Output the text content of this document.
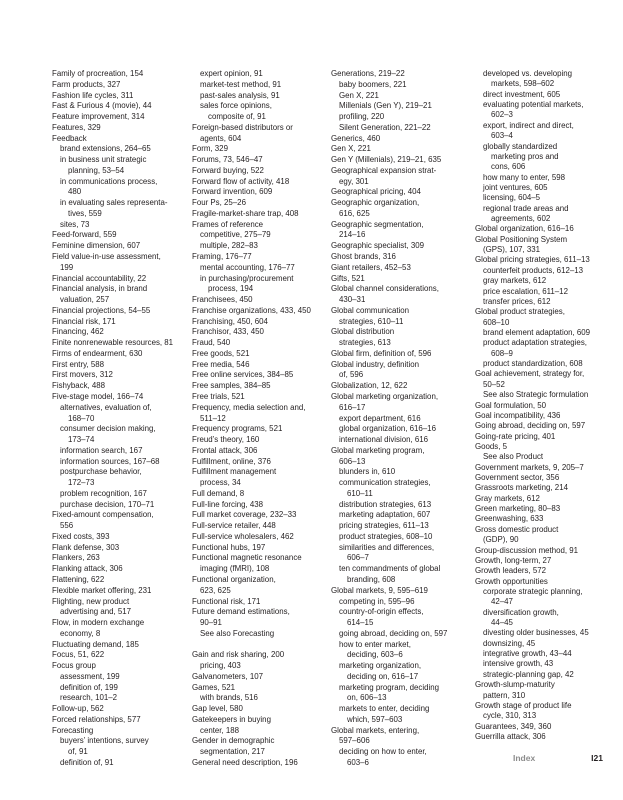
Family of procreation, 154
Farm products, 327
Fashion life cycles, 311
Fast & Furious 4 (movie), 44
Feature improvement, 314
Features, 329
Feedback
brand extensions, 264–65
in business unit strategic
planning, 53–54
in communications process,
480
in evaluating sales representa-
tives, 559
sites, 73
Feed-forward, 559
Feminine dimension, 607
Field value-in-use assessment,
199
Financial accountability, 22
Financial analysis, in brand
valuation, 257
Financial projections, 54–55
Financial risk, 171
Financing, 462
Finite nonrenewable resources, 81
Firms of endearment, 630
First entry, 588
First movers, 312
Fishyback, 488
Five-stage model, 166–74
alternatives, evaluation of,
168–70
consumer decision making,
173–74
information search, 167
information sources, 167–68
postpurchase behavior,
172–73
problem recognition, 167
purchase decision, 170–71
Fixed-amount compensation,
556
Fixed costs, 393
Flank defense, 303
Flankers, 263
Flanking attack, 306
Flattening, 622
Flexible market offering, 231
Flighting, new product
advertising and, 517
Flow, in modern exchange
economy, 8
Fluctuating demand, 185
Focus, 51, 622
Focus group
assessment, 199
definition of, 199
research, 101–2
Follow-up, 562
Forced relationships, 577
Forecasting
buyers’ intentions, survey
of, 91
definition of, 91
expert opinion, 91
market-test method, 91
past-sales analysis, 91
sales force opinions,
composite of, 91
Foreign-based distributors or
agents, 604
Form, 329
Forums, 73, 546–47
Forward buying, 522
Forward flow of activity, 418
Forward invention, 609
Four Ps, 25–26
Fragile-market-share trap, 408
Frames of reference
competitive, 275–79
multiple, 282–83
Framing, 176–77
mental accounting, 176–77
in purchasing/procurement
process, 194
Franchisees, 450
Franchise organizations, 433, 450
Franchising, 450, 604
Franchisor, 433, 450
Fraud, 540
Free goods, 521
Free media, 546
Free online services, 384–85
Free samples, 384–85
Free trials, 521
Frequency, media selection and,
511–12
Frequency programs, 521
Freud’s theory, 160
Frontal attack, 306
Fulfillment, online, 376
Fulfillment management
process, 34
Full demand, 8
Full-line forcing, 438
Full market coverage, 232–33
Full-service retailer, 448
Full-service wholesalers, 462
Functional hubs, 197
Functional magnetic resonance
imaging (fMRI), 108
Functional organization,
623, 625
Functional risk, 171
Future demand estimations,
90–91
See also Forecasting
Gain and risk sharing, 200
pricing, 403
Galvanometers, 107
Games, 521
with brands, 516
Gap level, 580
Gatekeepers in buying
center, 188
Gender in demographic
segmentation, 217
General need description, 196
Generations, 219–22
baby boomers, 221
Gen X, 221
Millenials (Gen Y), 219–21
profiling, 220
Silent Generation, 221–22
Generics, 460
Gen X, 221
Gen Y (Millenials), 219–21, 635
Geographical expansion strat-
egy, 301
Geographical pricing, 404
Geographic organization,
616, 625
Geographic segmentation,
214–16
Geographic specialist, 309
Ghost brands, 316
Giant retailers, 452–53
Gifts, 521
Global channel considerations,
430–31
Global communication
strategies, 610–11
Global distribution
strategies, 613
Global firm, definition of, 596
Global industry, definition
of, 596
Globalization, 12, 622
Global marketing organization,
616–17
export department, 616
global organization, 616–16
international division, 616
Global marketing program,
606–13
blunders in, 610
communication strategies,
610–11
distribution strategies, 613
marketing adaptation, 607
pricing strategies, 611–13
product strategies, 608–10
similarities and differences,
606–7
ten commandments of global
branding, 608
Global markets, 9, 595–619
competing in, 595–96
country-of-origin effects,
614–15
going abroad, deciding on, 597
how to enter market,
deciding, 603–6
marketing organization,
deciding on, 616–17
marketing program, deciding
on, 606–13
markets to enter, deciding
which, 597–603
Global markets, entering,
597–606
deciding on how to enter,
603–6
developed vs. developing
markets, 598–602
direct investment, 605
evaluating potential markets,
602–3
export, indirect and direct,
603–4
globally standardized
marketing pros and
cons, 606
how many to enter, 598
joint ventures, 605
licensing, 604–5
regional trade areas and
agreements, 602
Global organization, 616–16
Global Positioning System
(GPS), 107, 331
Global pricing strategies, 611–13
counterfeit products, 612–13
gray markets, 612
price escalation, 611–12
transfer prices, 612
Global product strategies,
608–10
brand element adaptation, 609
product adaptation strategies,
608–9
product standardization, 608
Goal achievement, strategy for,
50–52
See also Strategic formulation
Goal formulation, 50
Goal incompatibility, 436
Going abroad, deciding on, 597
Going-rate pricing, 401
Goods, 5
See also Product
Government markets, 9, 205–7
Government sector, 356
Grassroots marketing, 214
Gray markets, 612
Green marketing, 80–83
Greenwashing, 633
Gross domestic product
(GDP), 90
Group-discussion method, 91
Growth, long-term, 27
Growth leaders, 572
Growth opportunities
corporate strategic planning,
42–47
diversification growth,
44–45
divesting older businesses, 45
downsizing, 45
integrative growth, 43–44
intensive growth, 43
strategic-planning gap, 42
Growth-slump-maturity
pattern, 310
Growth stage of product life
cycle, 310, 313
Guarantees, 349, 360
Guerrilla attack, 306
Index	I21
